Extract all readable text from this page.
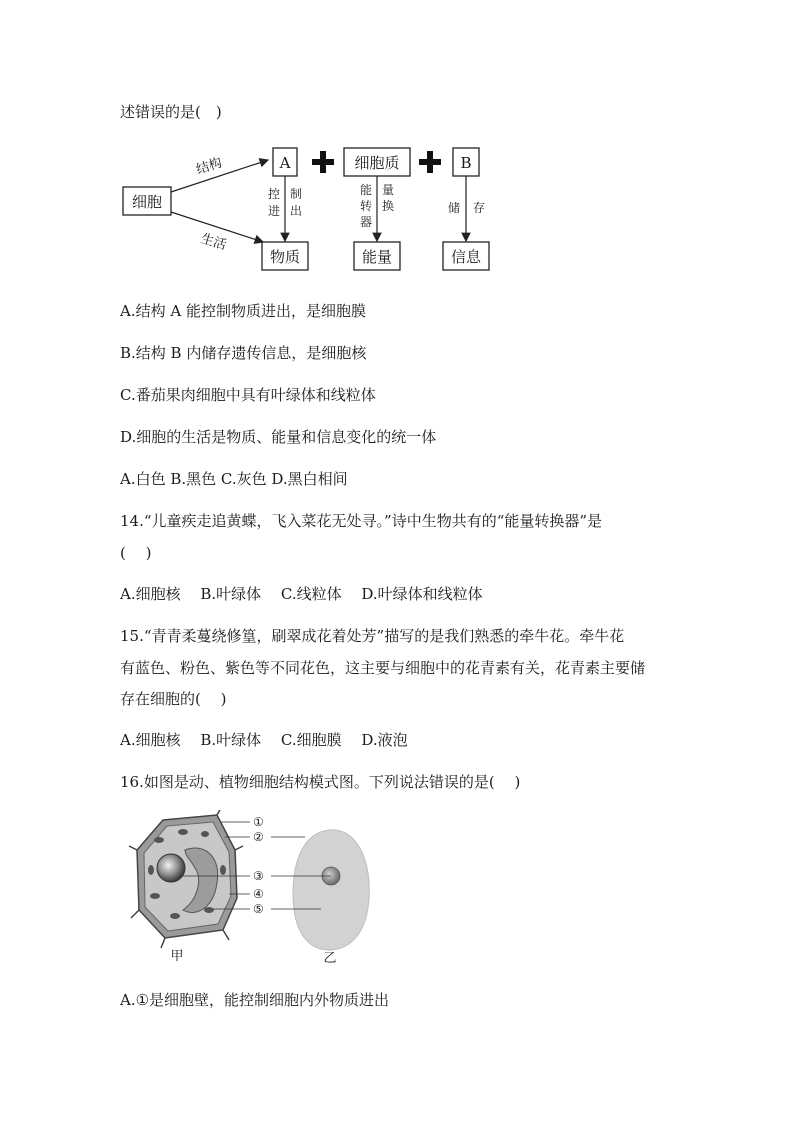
述错误的是(　)
细胞
结构
生活
A	细胞质	B
控进
制出
能转器
量换	储 存
物质	能量	信息
A.结构 A 能控制物质进出，是细胞膜
B.结构 B 内储存遗传信息，是细胞核
C.番茄果肉细胞中具有叶绿体和线粒体
D.细胞的生活是物质、能量和信息变化的统一体
A.白色 B.黑色 C.灰色 D.黑白相间
14.“儿童疾走追黄蝶，飞入菜花无处寻。”诗中生物共有的“能量转换器”是
(　 )
A.细胞核　 B.叶绿体　 C.线粒体　 D.叶绿体和线粒体
15.“青青柔蔓绕修篁，刷翠成花着处芳”描写的是我们熟悉的牵牛花。牵牛花
有蓝色、粉色、紫色等不同花色，这主要与细胞中的花青素有关，花青素主要储
存在细胞的(　 )
A.细胞核　 B.叶绿体　 C.细胞膜　 D.液泡
16.如图是动、植物细胞结构模式图。下列说法错误的是(　 )
①
②
③
④
⑤
甲	乙
A.①是细胞壁，能控制细胞内外物质进出
